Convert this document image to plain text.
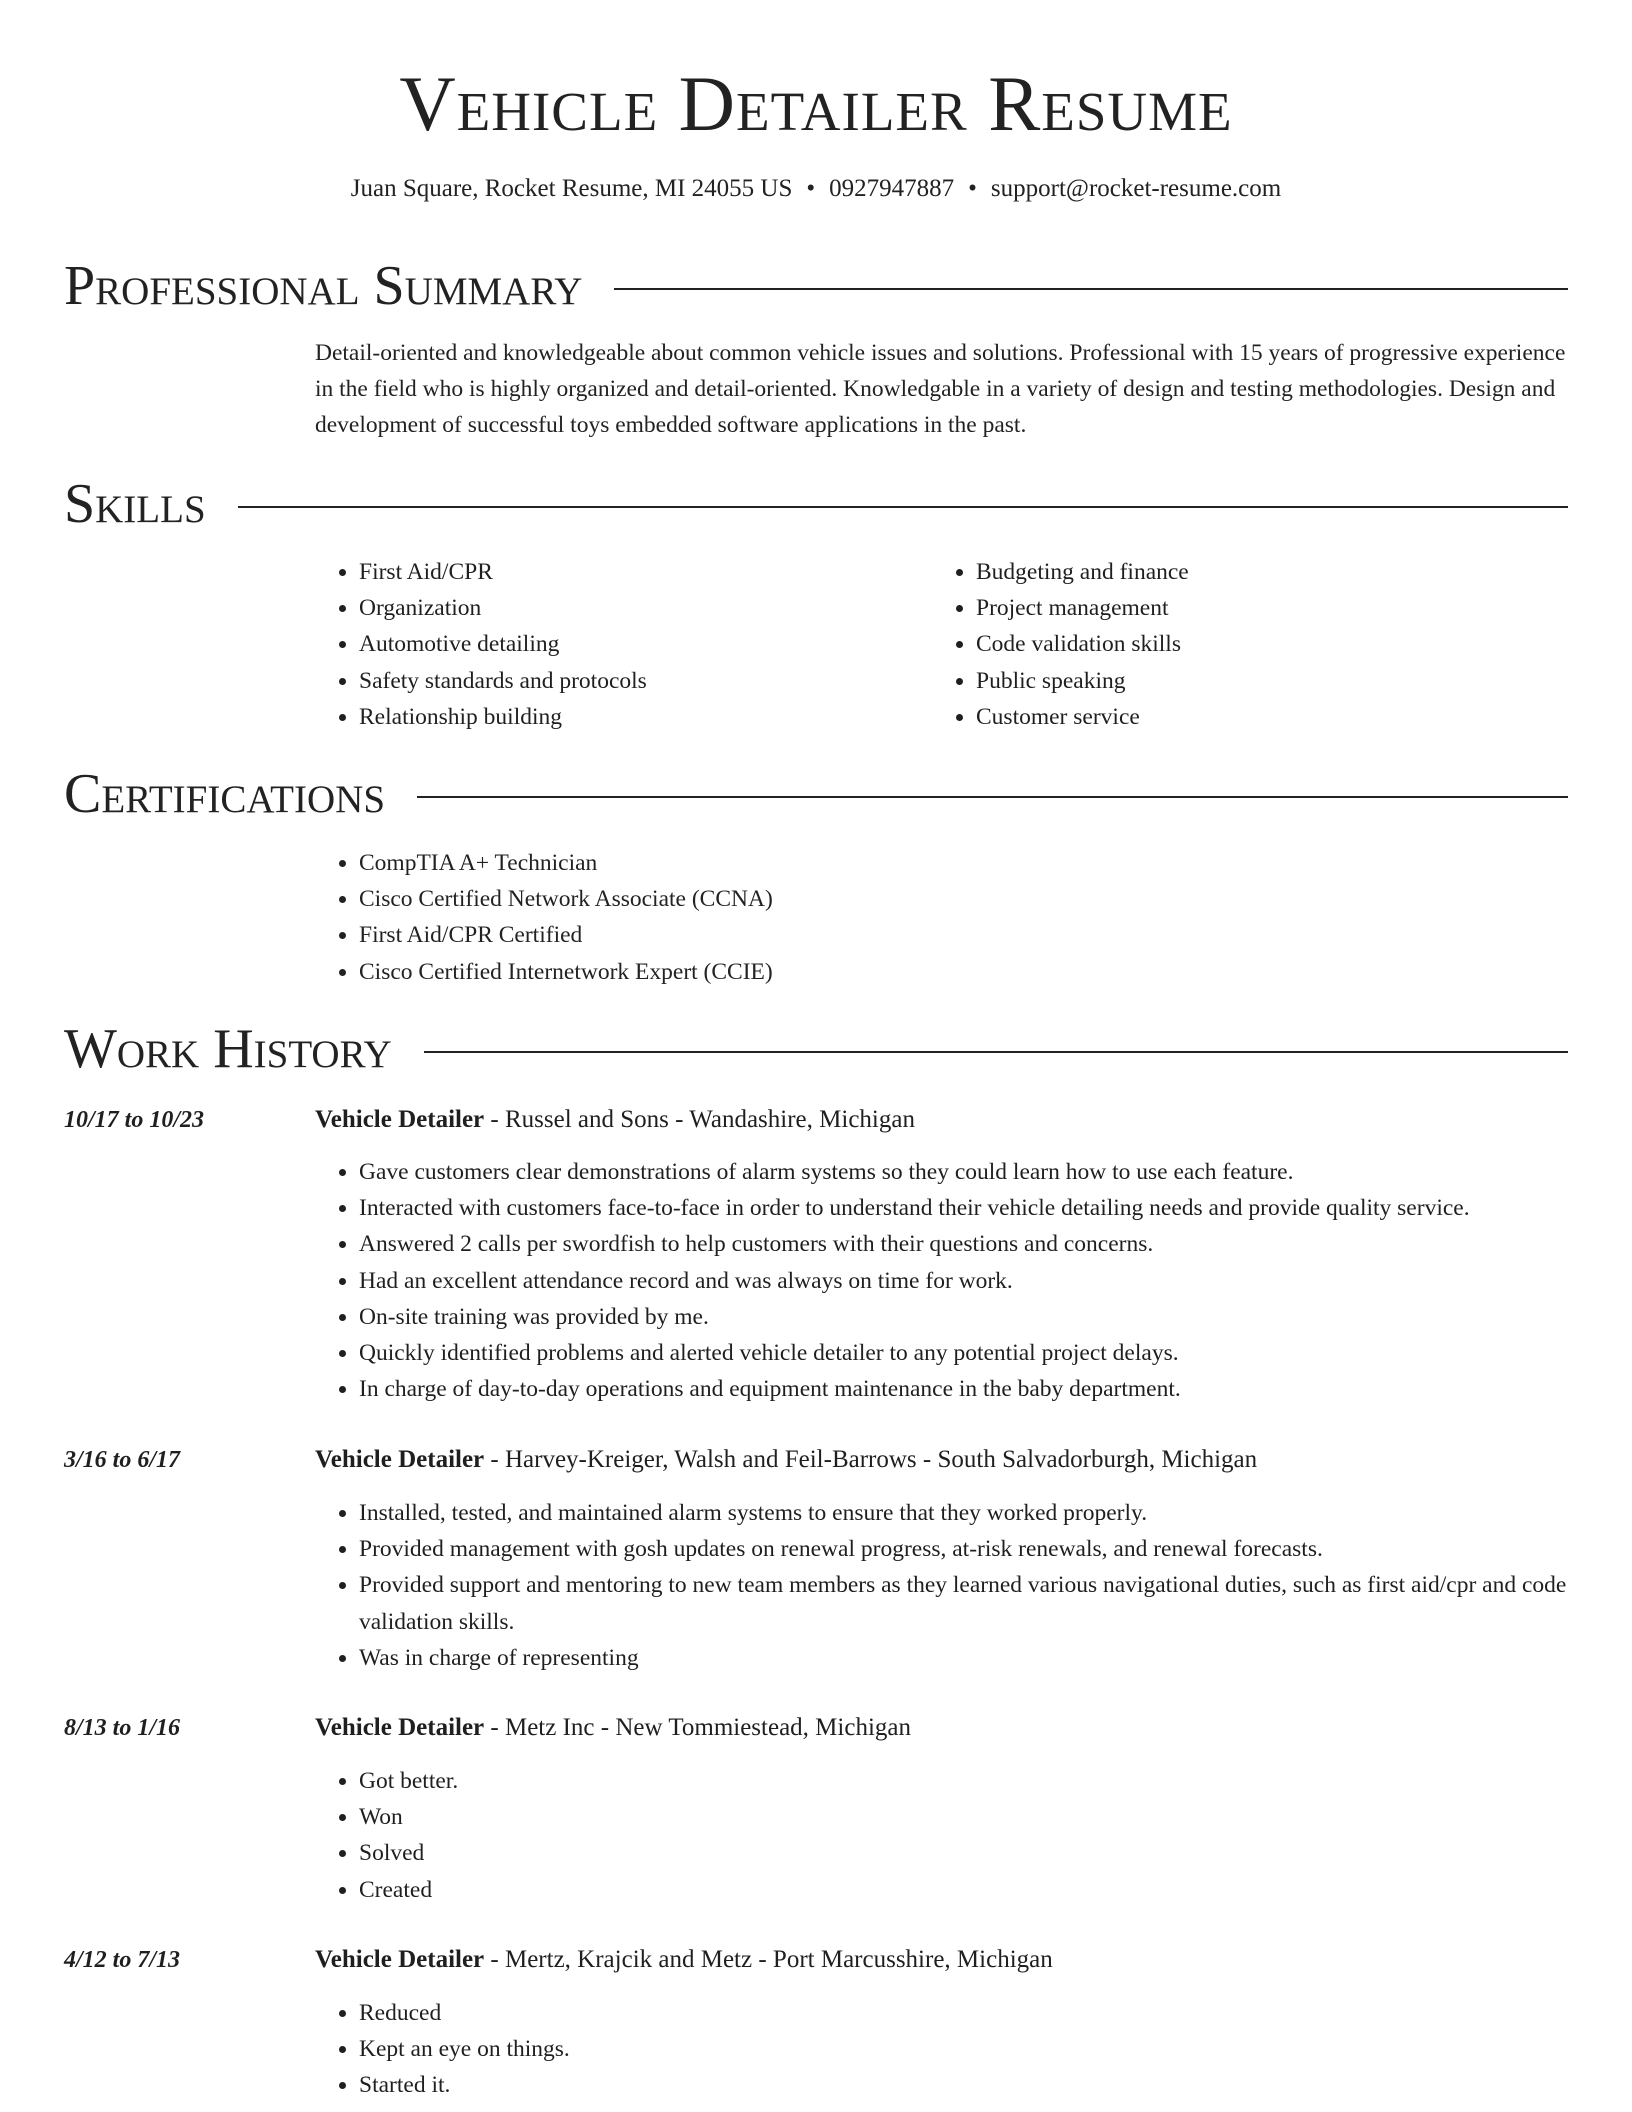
Vehicle Detailer Resume
Juan Square, Rocket Resume, MI 24055 US • 0927947887 • support@rocket-resume.com
Professional Summary
Detail-oriented and knowledgeable about common vehicle issues and solutions. Professional with 15 years of progressive experience in the field who is highly organized and detail-oriented. Knowledgable in a variety of design and testing methodologies. Design and development of successful toys embedded software applications in the past.
Skills
• First Aid/CPR
• Organization
• Automotive detailing
• Safety standards and protocols
• Relationship building
• Budgeting and finance
• Project management
• Code validation skills
• Public speaking
• Customer service
Certifications
• CompTIA A+ Technician
• Cisco Certified Network Associate (CCNA)
• First Aid/CPR Certified
• Cisco Certified Internetwork Expert (CCIE)
Work History
10/17 to 10/23	Vehicle Detailer - Russel and Sons - Wandashire, Michigan
• Gave customers clear demonstrations of alarm systems so they could learn how to use each feature.
• Interacted with customers face-to-face in order to understand their vehicle detailing needs and provide quality service.
• Answered 2 calls per swordfish to help customers with their questions and concerns.
• Had an excellent attendance record and was always on time for work.
• On-site training was provided by me.
• Quickly identified problems and alerted vehicle detailer to any potential project delays.
• In charge of day-to-day operations and equipment maintenance in the baby department.
3/16 to 6/17	Vehicle Detailer - Harvey-Kreiger, Walsh and Feil-Barrows - South Salvadorburgh, Michigan
• Installed, tested, and maintained alarm systems to ensure that they worked properly.
• Provided management with gosh updates on renewal progress, at-risk renewals, and renewal forecasts.
• Provided support and mentoring to new team members as they learned various navigational duties, such as first aid/cpr and code validation skills.
• Was in charge of representing
8/13 to 1/16	Vehicle Detailer - Metz Inc - New Tommiestead, Michigan
• Got better.
• Won
• Solved
• Created
4/12 to 7/13	Vehicle Detailer - Mertz, Krajcik and Metz - Port Marcusshire, Michigan
• Reduced
• Kept an eye on things.
• Started it.
